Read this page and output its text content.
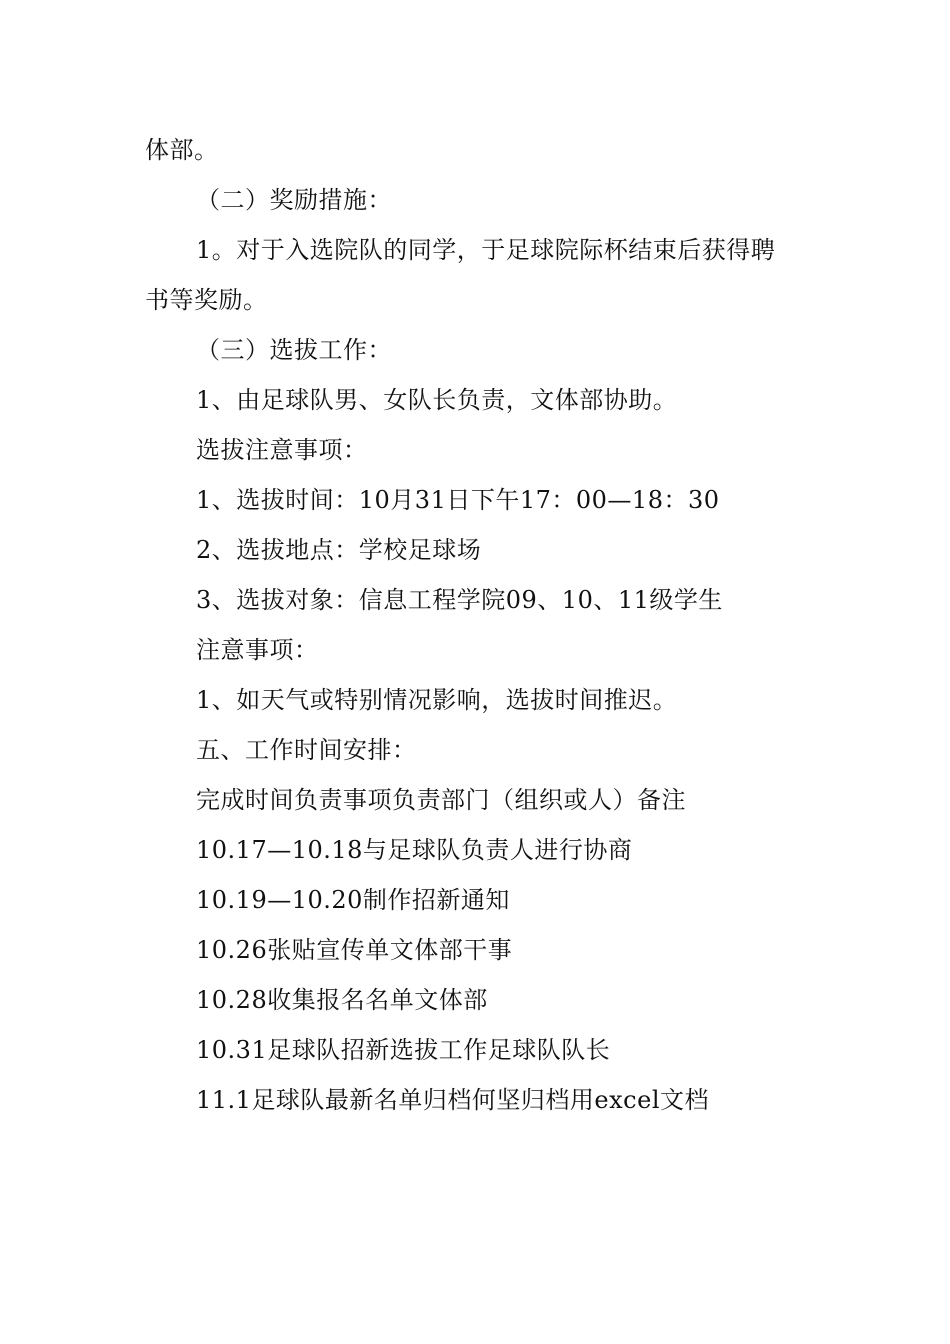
体部。
（二）奖励措施：
1。对于入选院队的同学，于足球院际杯结束后获得聘
书等奖励。
（三）选拔工作：
1、由足球队男、女队长负责，文体部协助。
选拔注意事项：
1、选拔时间：10月31日下午17：00—18：30
2、选拔地点：学校足球场
3、选拔对象：信息工程学院09、10、11级学生
注意事项：
1、如天气或特别情况影响，选拔时间推迟。
五、工作时间安排：
完成时间负责事项负责部门（组织或人）备注
10.17—10.18与足球队负责人进行协商
10.19—10.20制作招新通知
10.26张贴宣传单文体部干事
10.28收集报名名单文体部
10.31足球队招新选拔工作足球队队长
11.1足球队最新名单归档何坚归档用excel文档
